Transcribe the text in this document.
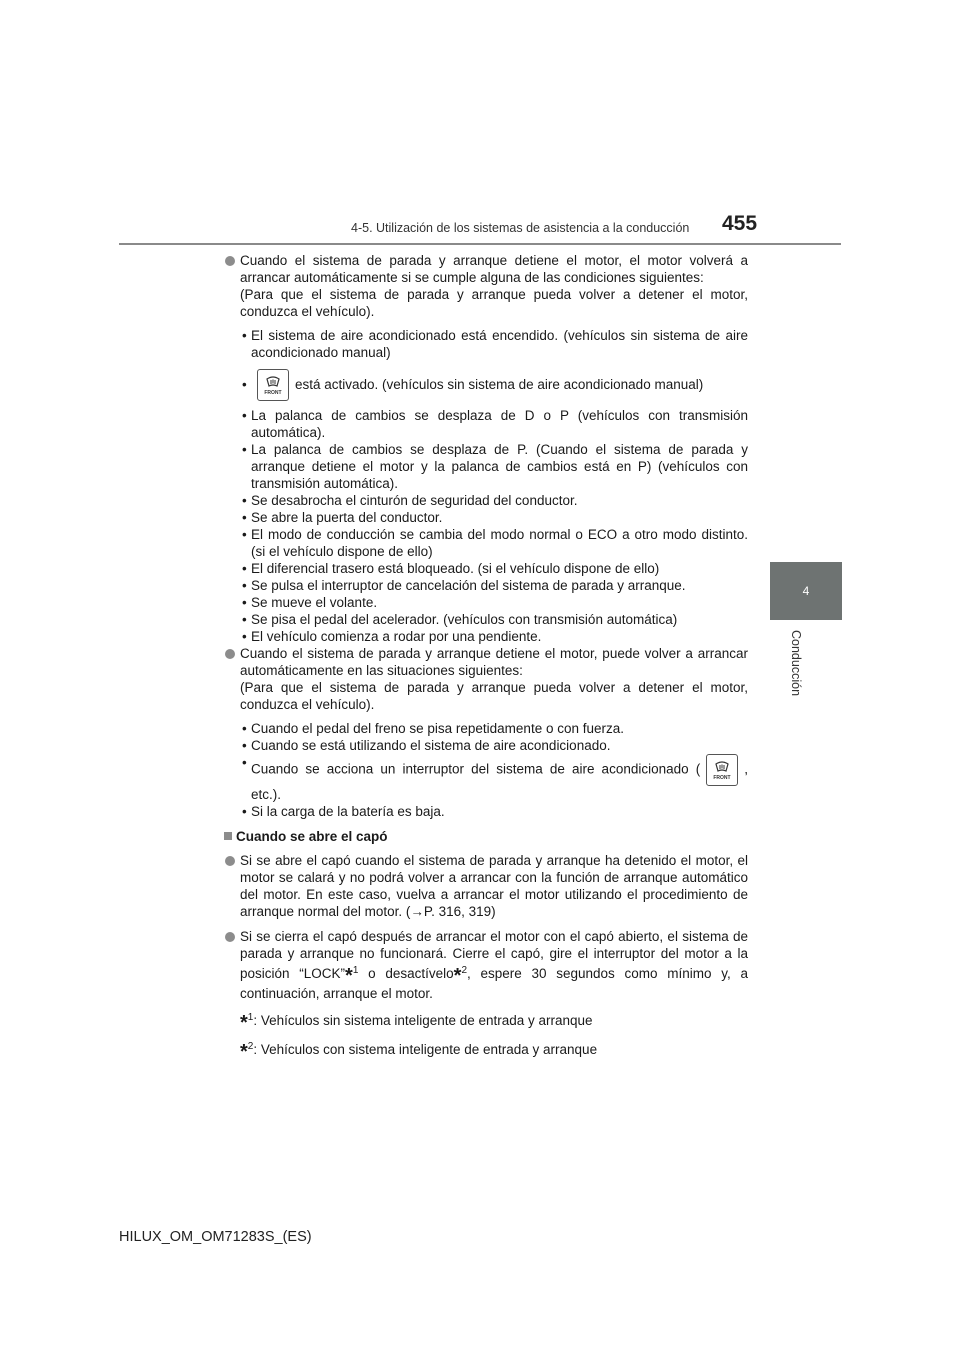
4-5. Utilización de los sistemas de asistencia a la conducción	455
4
Conducción
Cuando el sistema de parada y arranque detiene el motor, el motor volverá a arrancar automáticamente si se cumple alguna de las condiciones siguientes:
(Para que el sistema de parada y arranque pueda volver a detener el motor, conduzca el vehículo).
• El sistema de aire acondicionado está encendido. (vehículos sin sistema de aire acondicionado manual)
•
FRONT
está activado. (vehículos sin sistema de aire acondicionado manual)
• La palanca de cambios se desplaza de D o P (vehículos con transmisión automática).
• La palanca de cambios se desplaza de P. (Cuando el sistema de parada y arranque detiene el motor y la palanca de cambios está en P) (vehículos con transmisión automática).
• Se desabrocha el cinturón de seguridad del conductor.
• Se abre la puerta del conductor.
• El modo de conducción se cambia del modo normal o ECO a otro modo distinto. (si el vehículo dispone de ello)
• El diferencial trasero está bloqueado. (si el vehículo dispone de ello)
• Se pulsa el interruptor de cancelación del sistema de parada y arranque.
• Se mueve el volante.
• Se pisa el pedal del acelerador. (vehículos con transmisión automática)
• El vehículo comienza a rodar por una pendiente.
Cuando el sistema de parada y arranque detiene el motor, puede volver a arrancar automáticamente en las situaciones siguientes:
(Para que el sistema de parada y arranque pueda volver a detener el motor, conduzca el vehículo).
• Cuando el pedal del freno se pisa repetidamente o con fuerza.
• Cuando se está utilizando el sistema de aire acondicionado.
• Cuando se acciona un interruptor del sistema de aire acondicionado (
FRONT
, etc.).
• Si la carga de la batería es baja.
Cuando se abre el capó
Si se abre el capó cuando el sistema de parada y arranque ha detenido el motor, el motor se calará y no podrá volver a arrancar con la función de arranque automático del motor. En este caso, vuelva a arrancar el motor utilizando el procedimiento de arranque normal del motor. (→P. 316, 319)
Si se cierra el capó después de arrancar el motor con el capó abierto, el sistema de parada y arranque no funcionará. Cierre el capó, gire el interruptor del motor a la posición “LOCK”*$^1$ o desactívelo*$^2$, espere 30 segundos como mínimo y, a continuación, arranque el motor.
*$^1$: Vehículos sin sistema inteligente de entrada y arranque
*$^2$: Vehículos con sistema inteligente de entrada y arranque
HILUX_OM_OM71283S_(ES)
